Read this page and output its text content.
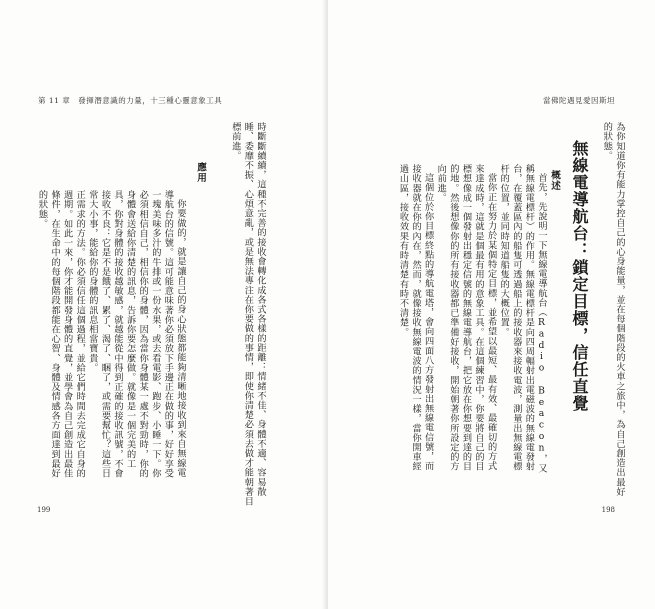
第 11 章　發揮潛意識的力量，十三種心靈意象工具

時斷斷續續，這種不完善的接收會轉化成各式各樣的距離：情緒不佳、身體不適、容易散

睡、委靡不振、心煩意亂，或是無法專注在你要做的事情，即使你清楚必須去做才能朝著目

標前進。

應用

你要做的，就是讓自己的身心狀態都能夠清晰地接收到來自無線電導航台的信號。這可能意味著你必須放下手邊正在做的事，好好享受一塊美味多汁的牛排或一份水果，或去看電影、跑步、小睡一下。你必須相信自己，相信你的身體，因為當你身體某一處不對勁時，你的身體會送給你清楚的訊息，告訴你要怎麼做。就像是一個完美的工具，你對身體的接收越敏感，就越能從中得到正確的接收訊號，不會接收不良：它是不是餓了、累了、渴了、睏了，或需要幫忙？這些日常大小事，能給你的身體的訊息相當寶貴。

正需求的方法。你必須信任這個過程，並給它們時間去完成它自身的週期。如此一來，你才能開發身體的直覺，並學會為自己創造出最佳條件，在生命中的每個階段都能在心智、身體及情感各方面達到最好的狀態。

199
當佛陀遇見愛因斯坦

為你知道你有能力掌控自己的心身能量，並在每個階段的火車之旅中，為自己創造出最好

的狀態。

無線電導航台：鎖定目標，信任直覺
概述

首先，先說明一下無線電導航台（Radio Beacon，又稱無線電標杆）的作用。無線電標杆是向四周輻射出電磁波的無線電發射台，在覆蓋區內的船隻可透過船上的接收器來接收電波，測量出無線電標杆的位置，並同時知道船隻的大概位置。

當你正在努力於某個特定目標，並希望以最短、最有效、最確切的方式來達成時，這就是個最有用的意象工具。在這個練習中，你要將自己的目標想像成一個發射出穩定信號的無線電導航台，把它放在你想要到達的目的地。然後想像你的所有接收器都已準備好接收，開始朝著你所設定的方向前進。

這個位於你目標終點的導航電塔，會向四面八方發射出無線電信號，而接收器就在你的內在，然而，就像接收無線電波的情況一樣，當你開車經過山區，接收效果有時清楚有時不清楚。

198
